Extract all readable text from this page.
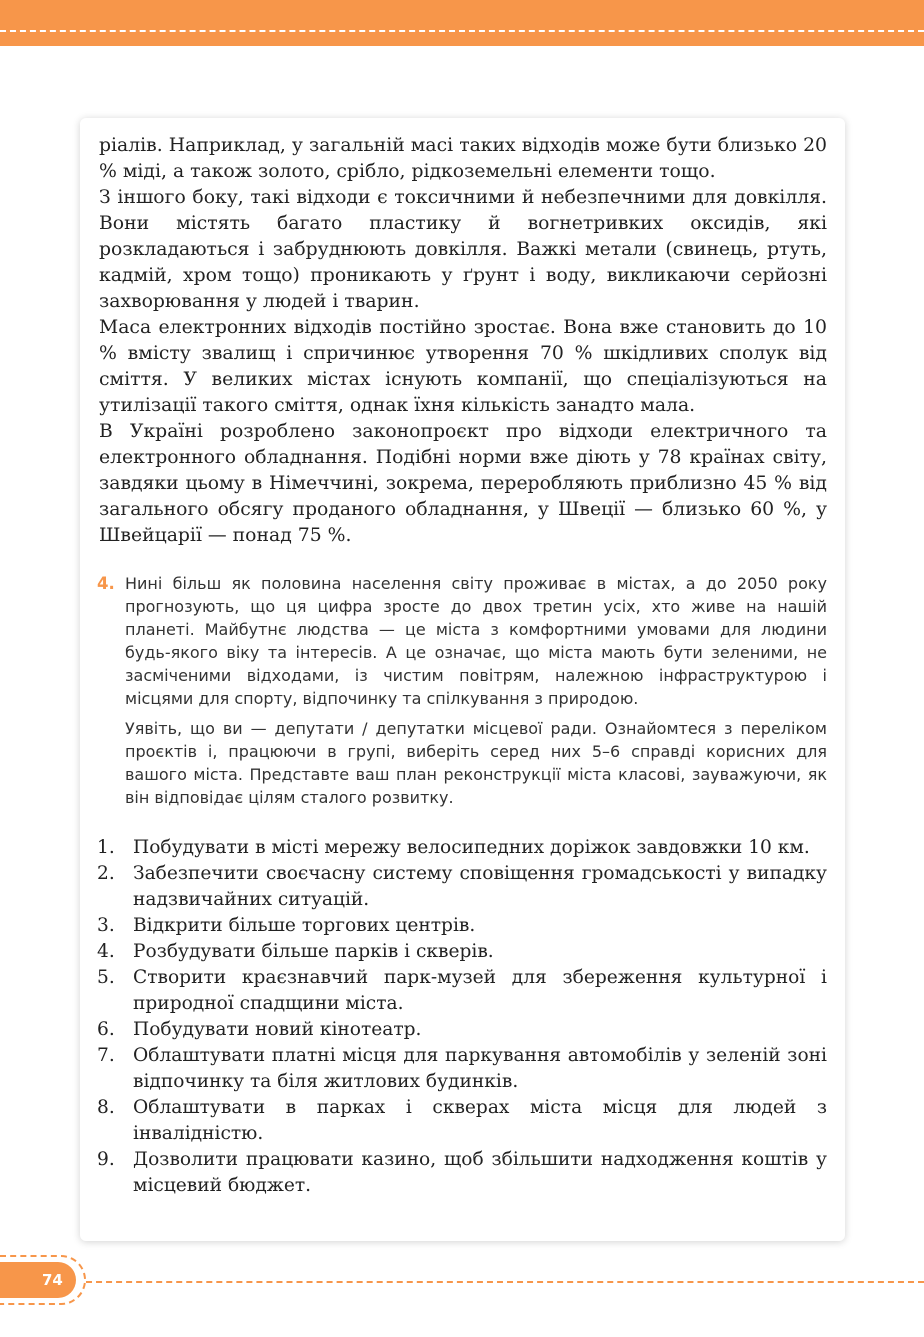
ріалів. Наприклад, у загальній масі таких відходів може бути близько 20 % міді, а також золото, срібло, рідкоземельні елементи тощо.

З іншого боку, такі відходи є токсичними й небезпечними для довкілля. Вони містять багато пластику й вогнетривких оксидів, які розкладаються і забруднюють довкілля. Важкі метали (свинець, ртуть, кадмій, хром тощо) проникають у ґрунт і воду, викликаючи серйозні захворювання у людей і тварин.

Маса електронних відходів постійно зростає. Вона вже становить до 10 % вмісту звалищ і спричинює утворення 70 % шкідливих сполук від сміття. У великих містах існують компанії, що спеціалізуються на утилізації такого сміття, однак їхня кількість занадто мала.

В Україні розроблено законопроєкт про відходи електричного та електронного обладнання. Подібні норми вже діють у 78 країнах світу, завдяки цьому в Німеччині, зокрема, переробляють приблизно 45 % від загального обсягу проданого обладнання, у Швеції — близько 60 %, у Швейцарії — понад 75 %.

4. Нині більш як половина населення світу проживає в містах, а до 2050 року прогнозують, що ця цифра зросте до двох третин усіх, хто живе на нашій планеті. Майбутнє людства — це міста з комфортними умовами для людини будь-якого віку та інтересів. А це означає, що міста мають бути зеленими, не засміченими відходами, із чистим повітрям, належною інфраструктурою і місцями для спорту, відпочинку та спілкування з природою.

Уявіть, що ви — депутати / депутатки місцевої ради. Ознайомтеся з переліком проєктів і, працюючи в групі, виберіть серед них 5–6 справді корисних для вашого міста. Представте ваш план реконструкції міста класові, зауважуючи, як він відповідає цілям сталого розвитку.

1. Побудувати в місті мережу велосипедних доріжок завдовжки 10 км.
2. Забезпечити своєчасну систему сповіщення громадськості у випадку надзвичайних ситуацій.
3. Відкрити більше торгових центрів.
4. Розбудувати більше парків і скверів.
5. Створити краєзнавчий парк-музей для збереження культурної і природної спадщини міста.
6. Побудувати новий кінотеатр.
7. Облаштувати платні місця для паркування автомобілів у зеленій зоні відпочинку та біля житлових будинків.
8. Облаштувати в парках і скверах міста місця для людей з інвалідністю.
9. Дозволити працювати казино, щоб збільшити надходження коштів у місцевий бюджет.
74
